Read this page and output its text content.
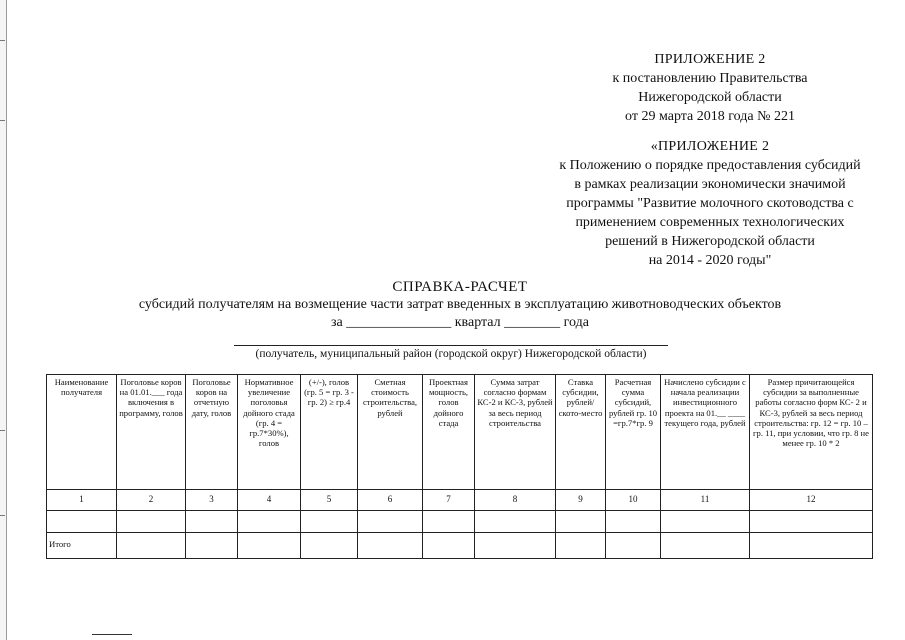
ПРИЛОЖЕНИЕ 2
к постановлению Правительства
Нижегородской области
от 29 марта 2018 года № 221
«ПРИЛОЖЕНИЕ 2
к Положению о порядке предоставления субсидий
в рамках реализации экономически значимой
программы "Развитие молочного скотоводства с
применением современных технологических
решений в Нижегородской области
на 2014 - 2020 годы"
СПРАВКА-РАСЧЕТ
субсидий получателям на возмещение части затрат введенных в эксплуатацию животноводческих объектов
за _______________ квартал ________ года
(получатель, муниципальный район (городской округ) Нижегородской области)
Наименование получателя	Поголовье коров на 01.01.___ года включения в программу, голов	Поголовье коров на отчетную дату, голов	Нормативное увеличение поголовья дойного стада (гр. 4 = гр.7*30%), голов	(+/-), голов (гр. 5 = гр. 3 - гр. 2) ≥ гр.4	Сметная стоимость строительства, рублей	Проектная мощность, голов дойного стада	Сумма затрат согласно формам КС-2 и КС-3, рублей за весь период строительства	Ставка субсидии, рублей/ ското-место	Расчетная сумма субсидий, рублей гр. 10 =гр.7*гр. 9	Начислено субсидии с начала реализации инвестиционного проекта на 01.__ ____ текущего года, рублей	Размер причитающейся субсидии за выполненные работы согласно форм КС- 2 и КС-3, рублей за весь период строительства: гр. 12 = гр. 10 – гр. 11, при условии, что гр. 8 не менее гр. 10 * 2
1	2	3	4	5	6	7	8	9	10	11	12

Итого											
